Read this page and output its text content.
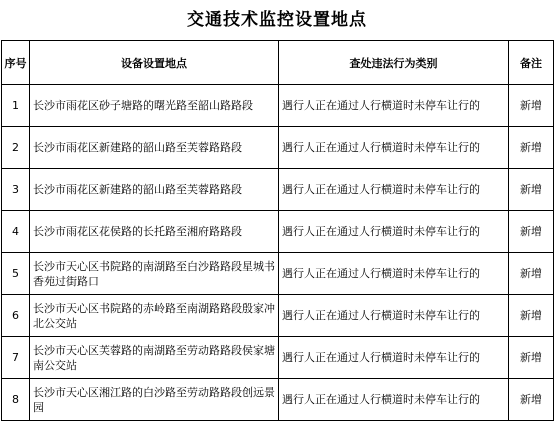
交通技术监控设置地点
序号	设备设置地点	查处违法行为类别	备注
1	长沙市雨花区砂子塘路的曙光路至韶山路路段	遇行人正在通过人行横道时未停车让行的	新增
2	长沙市雨花区新建路的韶山路至芙蓉路路段	遇行人正在通过人行横道时未停车让行的	新增
3	长沙市雨花区新建路的韶山路至芙蓉路路段	遇行人正在通过人行横道时未停车让行的	新增
4	长沙市雨花区花侯路的长托路至湘府路路段	遇行人正在通过人行横道时未停车让行的	新增
5	长沙市天心区书院路的南湖路至白沙路路段星城书香苑过街路口	遇行人正在通过人行横道时未停车让行的	新增
6	长沙市天心区书院路的赤岭路至南湖路路段殷家冲北公交站	遇行人正在通过人行横道时未停车让行的	新增
7	长沙市天心区芙蓉路的南湖路至劳动路路段侯家塘南公交站	遇行人正在通过人行横道时未停车让行的	新增
8	长沙市天心区湘江路的白沙路至劳动路路段创远景园	遇行人正在通过人行横道时未停车让行的	新增
